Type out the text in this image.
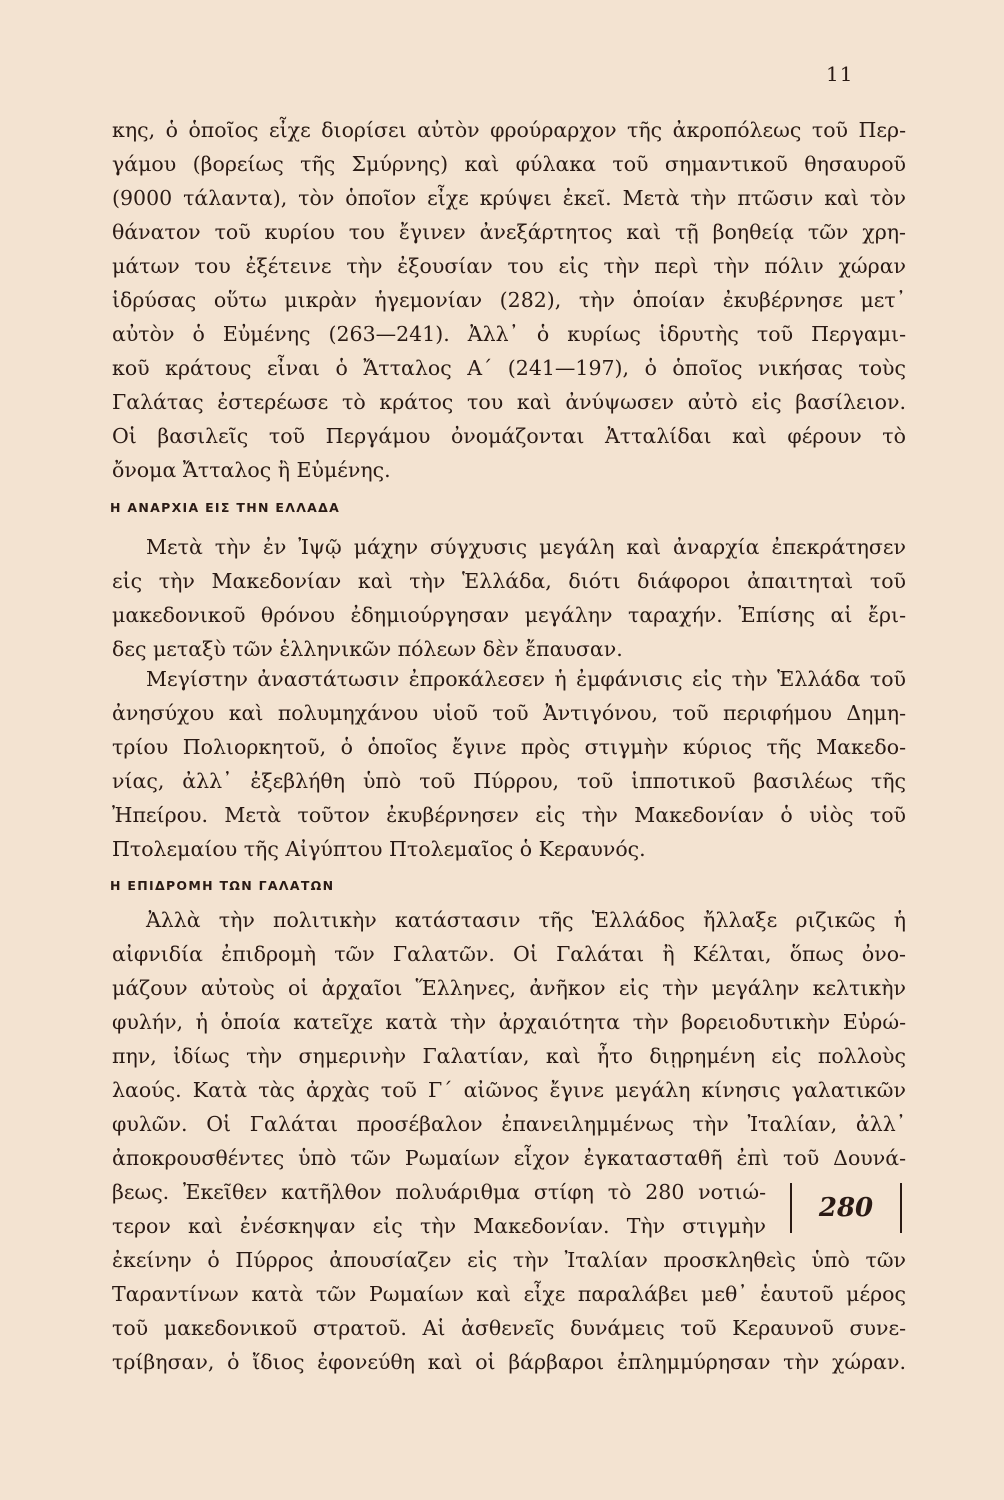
11
κης, ὁ ὁποῖος εἶχε διορίσει αὐτὸν φρούραρχον τῆς ἀκροπόλεως τοῦ Περ-
γάμου (βορείως τῆς Σμύρνης) καὶ φύλακα τοῦ σημαντικοῦ θησαυροῦ
(9000 τάλαντα), τὸν ὁποῖον εἶχε κρύψει ἐκεῖ. Μετὰ τὴν πτῶσιν καὶ τὸν
θάνατον τοῦ κυρίου του ἔγινεν ἀνεξάρτητος καὶ τῇ βοηθείᾳ τῶν χρη-
μάτων του ἐξέτεινε τὴν ἐξουσίαν του εἰς τὴν περὶ τὴν πόλιν χώραν
ἱδρύσας οὕτω μικρὰν ἡγεμονίαν (282), τὴν ὁποίαν ἐκυβέρνησε μετ᾽
αὐτὸν ὁ Εὐμένης (263—241). Ἀλλ᾽ ὁ κυρίως ἱδρυτὴς τοῦ Περγαμι-
κοῦ κράτους εἶναι ὁ Ἄτταλος Α΄ (241—197), ὁ ὁποῖος νικήσας τοὺς
Γαλάτας ἐστερέωσε τὸ κράτος του καὶ ἀνύψωσεν αὐτὸ εἰς βασίλειον.
Οἱ βασιλεῖς τοῦ Περγάμου ὀνομάζονται Ἀτταλίδαι καὶ φέρουν τὸ
ὄνομα Ἄτταλος ἢ Εὐμένης.
Η ΑΝΑΡΧΙΑ ΕΙΣ ΤΗΝ ΕΛΛΑΔΑ
Μετὰ τὴν ἐν Ἰψῷ μάχην σύγχυσις μεγάλη καὶ ἀναρχία ἐπεκράτησεν
εἰς τὴν Μακεδονίαν καὶ τὴν Ἑλλάδα, διότι διάφοροι ἀπαιτηταὶ τοῦ
μακεδονικοῦ θρόνου ἐδημιούργησαν μεγάλην ταραχήν. Ἐπίσης αἱ ἔρι-
δες μεταξὺ τῶν ἑλληνικῶν πόλεων δὲν ἔπαυσαν.
Μεγίστην ἀναστάτωσιν ἐπροκάλεσεν ἡ ἐμφάνισις εἰς τὴν Ἑλλάδα τοῦ
ἀνησύχου καὶ πολυμηχάνου υἱοῦ τοῦ Ἀντιγόνου, τοῦ περιφήμου Δημη-
τρίου Πολιορκητοῦ, ὁ ὁποῖος ἔγινε πρὸς στιγμὴν κύριος τῆς Μακεδο-
νίας, ἀλλ᾽ ἐξεβλήθη ὑπὸ τοῦ Πύρρου, τοῦ ἱπποτικοῦ βασιλέως τῆς
Ἠπείρου. Μετὰ τοῦτον ἐκυβέρνησεν εἰς τὴν Μακεδονίαν ὁ υἱὸς τοῦ
Πτολεμαίου τῆς Αἰγύπτου Πτολεμαῖος ὁ Κεραυνός.
Η ΕΠΙΔΡΟΜΗ ΤΩΝ ΓΑΛΑΤΩΝ
Ἀλλὰ τὴν πολιτικὴν κατάστασιν τῆς Ἑλλάδος ἤλλαξε ριζικῶς ἡ
αἰφνιδία ἐπιδρομὴ τῶν Γαλατῶν. Οἱ Γαλάται ἢ Κέλται, ὅπως ὀνο-
μάζουν αὐτοὺς οἱ ἀρχαῖοι Ἕλληνες, ἀνῆκον εἰς τὴν μεγάλην κελτικὴν
φυλήν, ἡ ὁποία κατεῖχε κατὰ τὴν ἀρχαιότητα τὴν βορειοδυτικὴν Εὐρώ-
πην, ἰδίως τὴν σημερινὴν Γαλατίαν, καὶ ἦτο διῃρημένη εἰς πολλοὺς
λαούς. Κατὰ τὰς ἀρχὰς τοῦ Γ΄ αἰῶνος ἔγινε μεγάλη κίνησις γαλατικῶν
φυλῶν. Οἱ Γαλάται προσέβαλον ἐπανειλημμένως τὴν Ἰταλίαν, ἀλλ᾽
ἀποκρουσθέντες ὑπὸ τῶν Ρωμαίων εἶχον ἐγκατασταθῆ ἐπὶ τοῦ Δουνά-
βεως. Ἐκεῖθεν κατῆλθον πολυάριθμα στίφη τὸ 280 νοτιώ-
τερον καὶ ἐνέσκηψαν εἰς τὴν Μακεδονίαν. Τὴν στιγμὴν
ἐκείνην ὁ Πύρρος ἀπουσίαζεν εἰς τὴν Ἰταλίαν προσκληθεὶς ὑπὸ τῶν
Ταραντίνων κατὰ τῶν Ρωμαίων καὶ εἶχε παραλάβει μεθ᾽ ἑαυτοῦ μέρος
τοῦ μακεδονικοῦ στρατοῦ. Αἱ ἀσθενεῖς δυνάμεις τοῦ Κεραυνοῦ συνε-
τρίβησαν, ὁ ἴδιος ἐφονεύθη καὶ οἱ βάρβαροι ἐπλημμύρησαν τὴν χώραν.
280
